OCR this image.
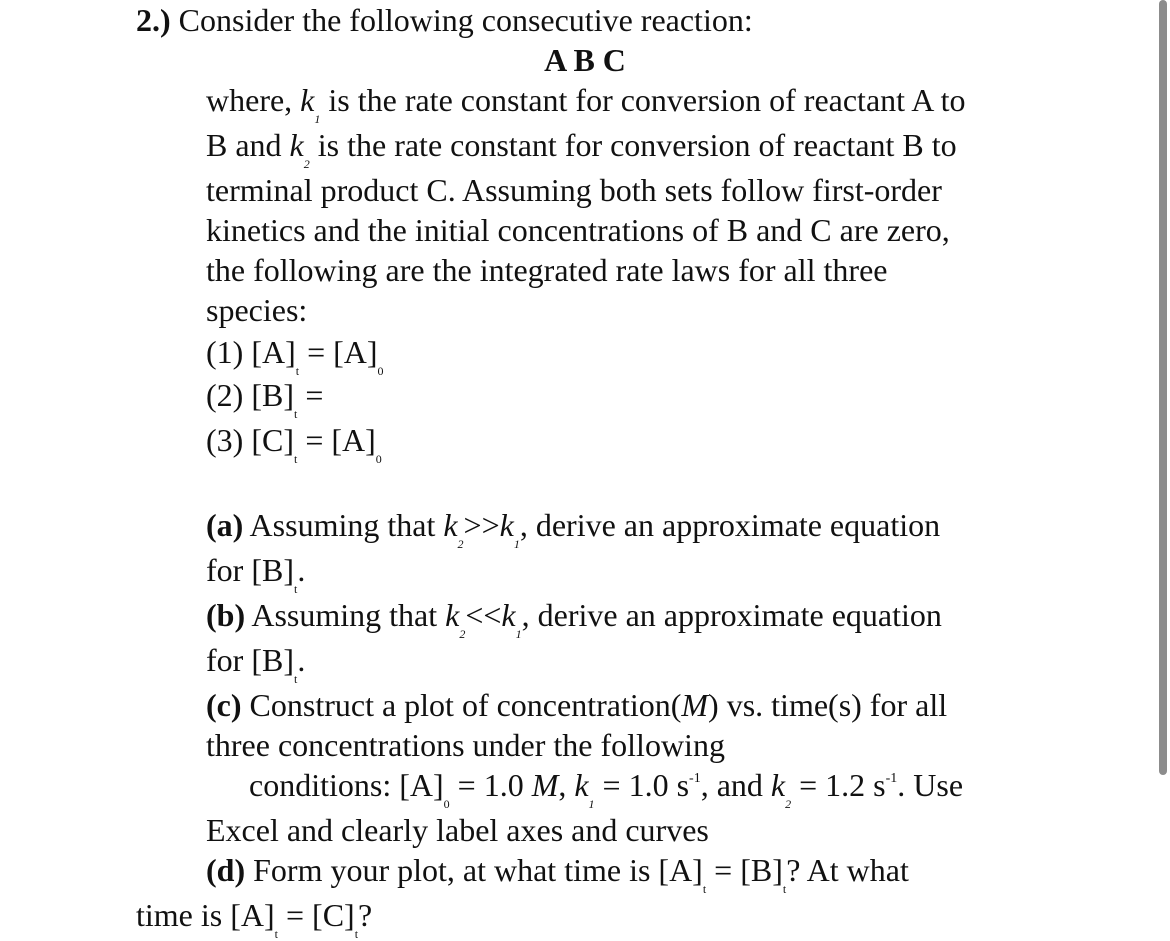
2.) Consider the following consecutive reaction:
A B C
where, $k_1$ is the rate constant for conversion of reactant A to
B and $k_2$ is the rate constant for conversion of reactant B to
terminal product C. Assuming both sets follow first-order
kinetics and the initial concentrations of B and C are zero,
the following are the integrated rate laws for all three
species:
(1) $[A]_t = [A]_0$
(2) $[B]_t$ =
(3) $[C]_t = [A]_0$
(a) Assuming that $k_2>>k_1$, derive an approximate equation
for $[B]_t$.
(b) Assuming that $k_2<<k_1$, derive an approximate equation
for $[B]_t$.
(c) Construct a plot of concentration(M) vs. time(s) for all
three concentrations under the following
conditions: $[A]_0 = 1.0$ M, $k_1 = 1.0$ $s^{-1}$, and $k_2 = 1.2$ $s^{-1}$. Use
Excel and clearly label axes and curves
(d) Form your plot, at what time is $[A]_t = [B]_t$? At what
time is $[A]_t = [C]_t$?
